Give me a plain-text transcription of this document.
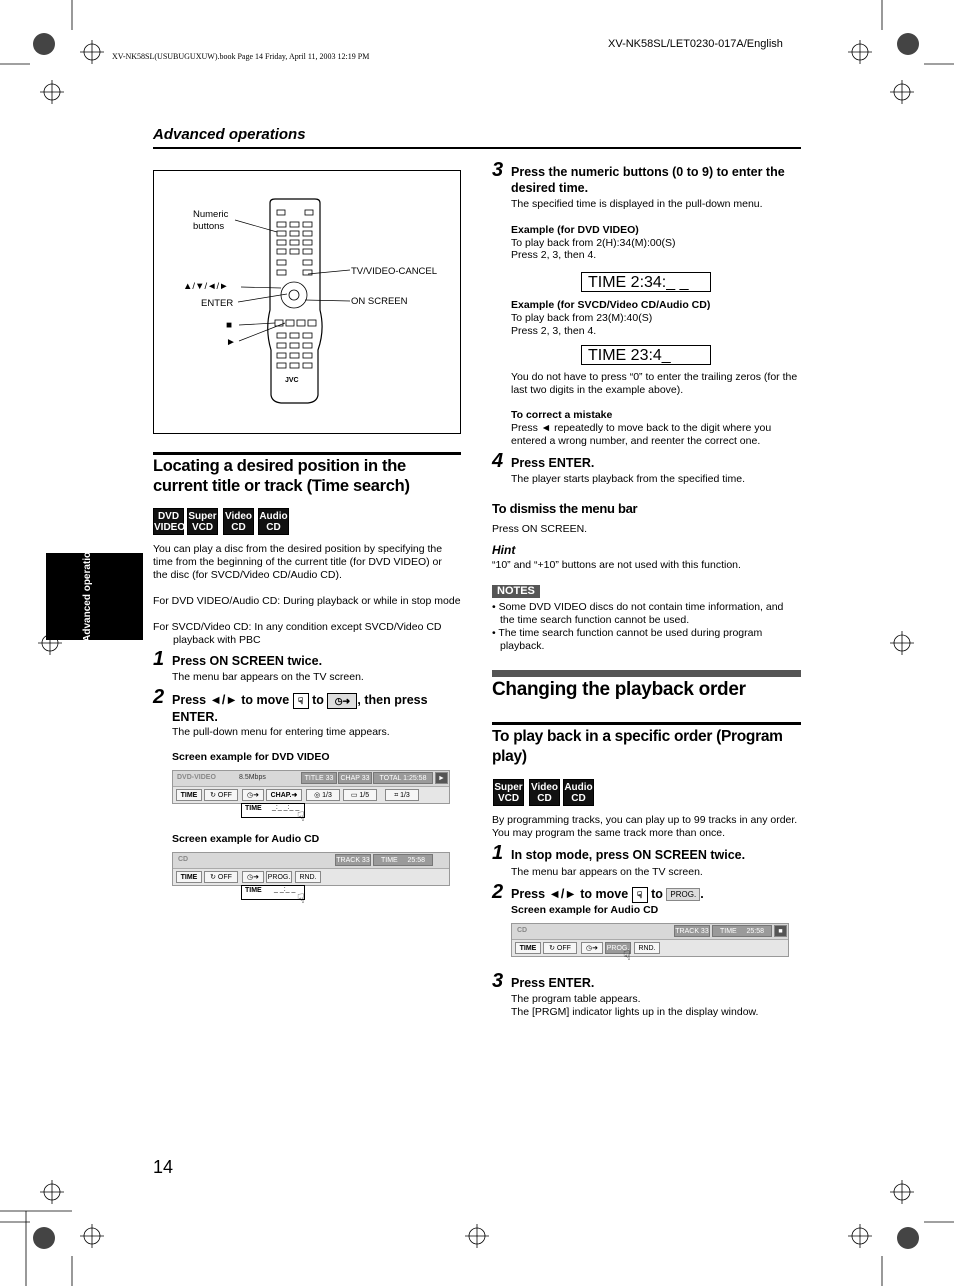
XV-NK58SL(USUBUGUXUW).book Page 14 Friday, April 11, 2003 12:19 PM
XV-NK58SL/LET0230-017A/English
Advanced operations
Advanced operations
Numeric
buttons
▲/▼/◄/►
ENTER
■
►
TV/VIDEO-CANCEL
ON SCREEN
JVC
Locating a desired position in the current title or track (Time search)
DVD
VIDEO
Super
VCD
Video
CD
Audio
CD
You can play a disc from the desired position by specifying the time from the beginning of the current title (for DVD VIDEO) or the disc (for SVCD/Video CD/Audio CD).
For DVD VIDEO/Audio CD: During playback or while in stop mode
For SVCD/Video CD: In any condition except SVCD/Video CD playback with PBC
1 Press ON SCREEN twice.
The menu bar appears on the TV screen.
2 Press ◄/► to move ☟ to ◷➜ , then press ENTER.
The pull-down menu for entering time appears.
Screen example for DVD VIDEO
DVD-VIDEO	8.5Mbps	TITLE 33	CHAP 33	TOTAL 1:25:58	►
TIME	↻ OFF	◷➜	CHAP.➜	◎ 1/3	▭ 1/5	⌗ 1/3
TIME _:_ _:_ _
☟
Screen example for Audio CD
CD	TRACK 33	TIME 25:58
TIME	↻ OFF	◷➜	PROG.	RND.
TIME _ _:_ _
☟
3 Press the numeric buttons (0 to 9) to enter the desired time.
The specified time is displayed in the pull-down menu.
Example (for DVD VIDEO)
To play back from 2(H):34(M):00(S)
Press 2, 3, then 4.
TIME 2:34:_ _
Example (for SVCD/Video CD/Audio CD)
To play back from 23(M):40(S)
Press 2, 3, then 4.
TIME 23:4_
You do not have to press “0” to enter the trailing zeros (for the last two digits in the example above).
To correct a mistake
Press ◄ repeatedly to move back to the digit where you entered a wrong number, and reenter the correct one.
4 Press ENTER.
The player starts playback from the specified time.
To dismiss the menu bar
Press ON SCREEN.
Hint
“10” and “+10” buttons are not used with this function.
NOTES
• Some DVD VIDEO discs do not contain time information, and the time search function cannot be used.
• The time search function cannot be used during program playback.
Changing the playback order
To play back in a specific order (Program play)
Super
VCD
Video
CD
Audio
CD
By programming tracks, you can play up to 99 tracks in any order. You may program the same track more than once.
1 In stop mode, press ON SCREEN twice.
The menu bar appears on the TV screen.
2 Press ◄/► to move ☟ to PROG. .
Screen example for Audio CD
CD	TRACK 33	TIME 25:58	■
TIME	↻ OFF	◷➜	PROG.	RND.
☟
3 Press ENTER.
The program table appears.
The [PRGM] indicator lights up in the display window.
14
